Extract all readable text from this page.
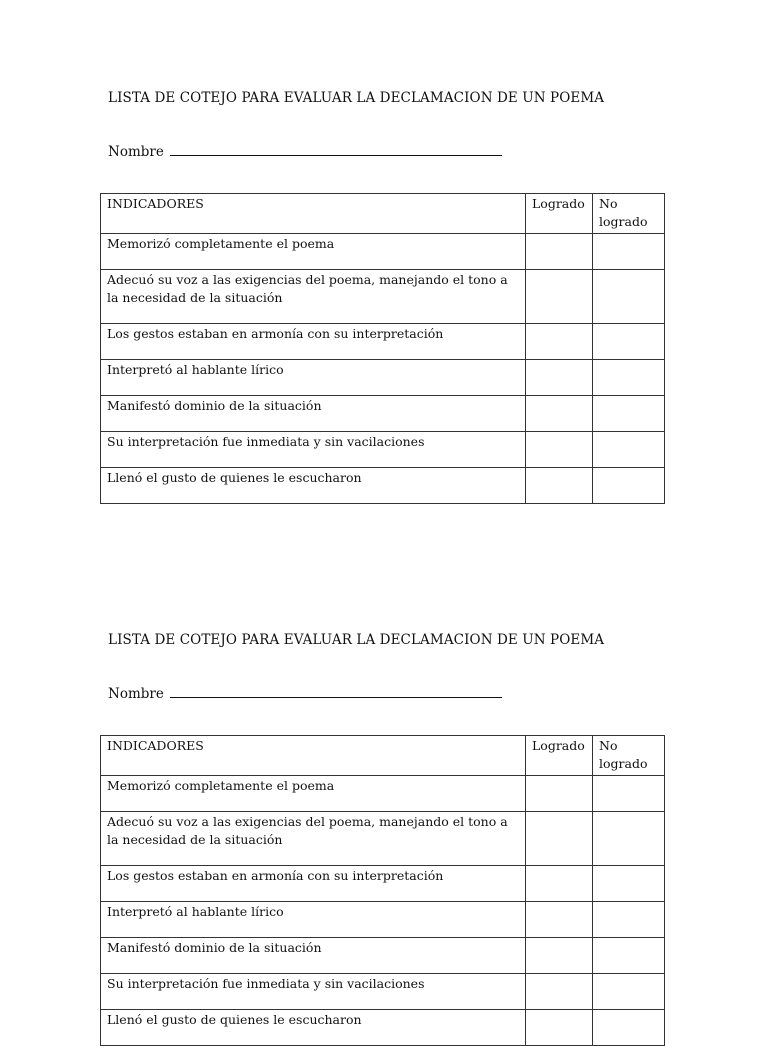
LISTA DE COTEJO PARA EVALUAR LA DECLAMACION DE UN POEMA
Nombre
INDICADORES	Logrado	No logrado
Memorizó completamente el poema		
Adecuó su voz a las exigencias del poema, manejando el tono a la necesidad de la situación		
Los gestos estaban en armonía con su interpretación		
Interpretó al hablante lírico		
Manifestó dominio de la situación		
Su interpretación fue inmediata y sin vacilaciones		
Llenó el gusto de quienes le escucharon		
LISTA DE COTEJO PARA EVALUAR LA DECLAMACION DE UN POEMA
Nombre
INDICADORES	Logrado	No logrado
Memorizó completamente el poema		
Adecuó su voz a las exigencias del poema, manejando el tono a la necesidad de la situación		
Los gestos estaban en armonía con su interpretación		
Interpretó al hablante lírico		
Manifestó dominio de la situación		
Su interpretación fue inmediata y sin vacilaciones		
Llenó el gusto de quienes le escucharon		
